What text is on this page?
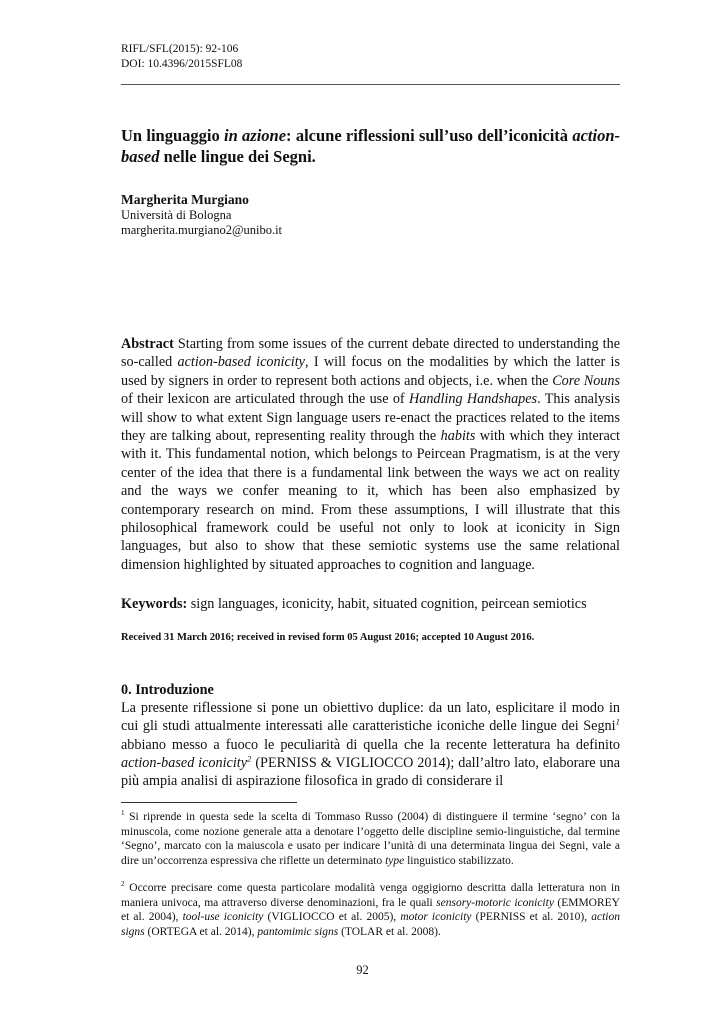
RIFL/SFL(2015): 92-106
DOI: 10.4396/2015SFL08
Un linguaggio in azione: alcune riflessioni sull’uso dell’iconicità action-based nelle lingue dei Segni.
Margherita Murgiano
Università di Bologna
margherita.murgiano2@unibo.it

Abstract Starting from some issues of the current debate directed to understanding the so-called action-based iconicity, I will focus on the modalities by which the latter is used by signers in order to represent both actions and objects, i.e. when the Core Nouns of their lexicon are articulated through the use of Handling Handshapes. This analysis will show to what extent Sign language users re-enact the practices related to the items they are talking about, representing reality through the habits with which they interact with it. This fundamental notion, which belongs to Peircean Pragmatism, is at the very center of the idea that there is a fundamental link between the ways we act on reality and the ways we confer meaning to it, which has been also emphasized by contemporary research on mind. From these assumptions, I will illustrate that this philosophical framework could be useful not only to look at iconicity in Sign languages, but also to show that these semiotic systems use the same relational dimension highlighted by situated approaches to cognition and language.

Keywords: sign languages, iconicity, habit, situated cognition, peircean semiotics

Received 31 March 2016; received in revised form 05 August 2016; accepted 10 August 2016.

0. Introduzione

La presente riflessione si pone un obiettivo duplice: da un lato, esplicitare il modo in cui gli studi attualmente interessati alle caratteristiche iconiche delle lingue dei Segni$^1$ abbiano messo a fuoco le peculiarità di quella che la recente letteratura ha definito action-based iconicity$^2$ (PERNISS & VIGLIOCCO 2014); dall’altro lato, elaborare una più ampia analisi di aspirazione filosofica in grado di considerare il

$^1$ Si riprende in questa sede la scelta di Tommaso Russo (2004) di distinguere il termine ‘segno’ con la minuscola, come nozione generale atta a denotare l’oggetto delle discipline semio-linguistiche, dal termine ‘Segno’, marcato con la maiuscola e usato per indicare l’unità di una determinata lingua dei Segni, vale a dire un’occorrenza espressiva che riflette un determinato type linguistico stabilizzato.

$^2$ Occorre precisare come questa particolare modalità venga oggigiorno descritta dalla letteratura non in maniera univoca, ma attraverso diverse denominazioni, fra le quali sensory-motoric iconicity (EMMOREY et al. 2004), tool-use iconicity (VIGLIOCCO et al. 2005), motor iconicity (PERNISS et al. 2010), action signs (ORTEGA et al. 2014), pantomimic signs (TOLAR et al. 2008).

92
